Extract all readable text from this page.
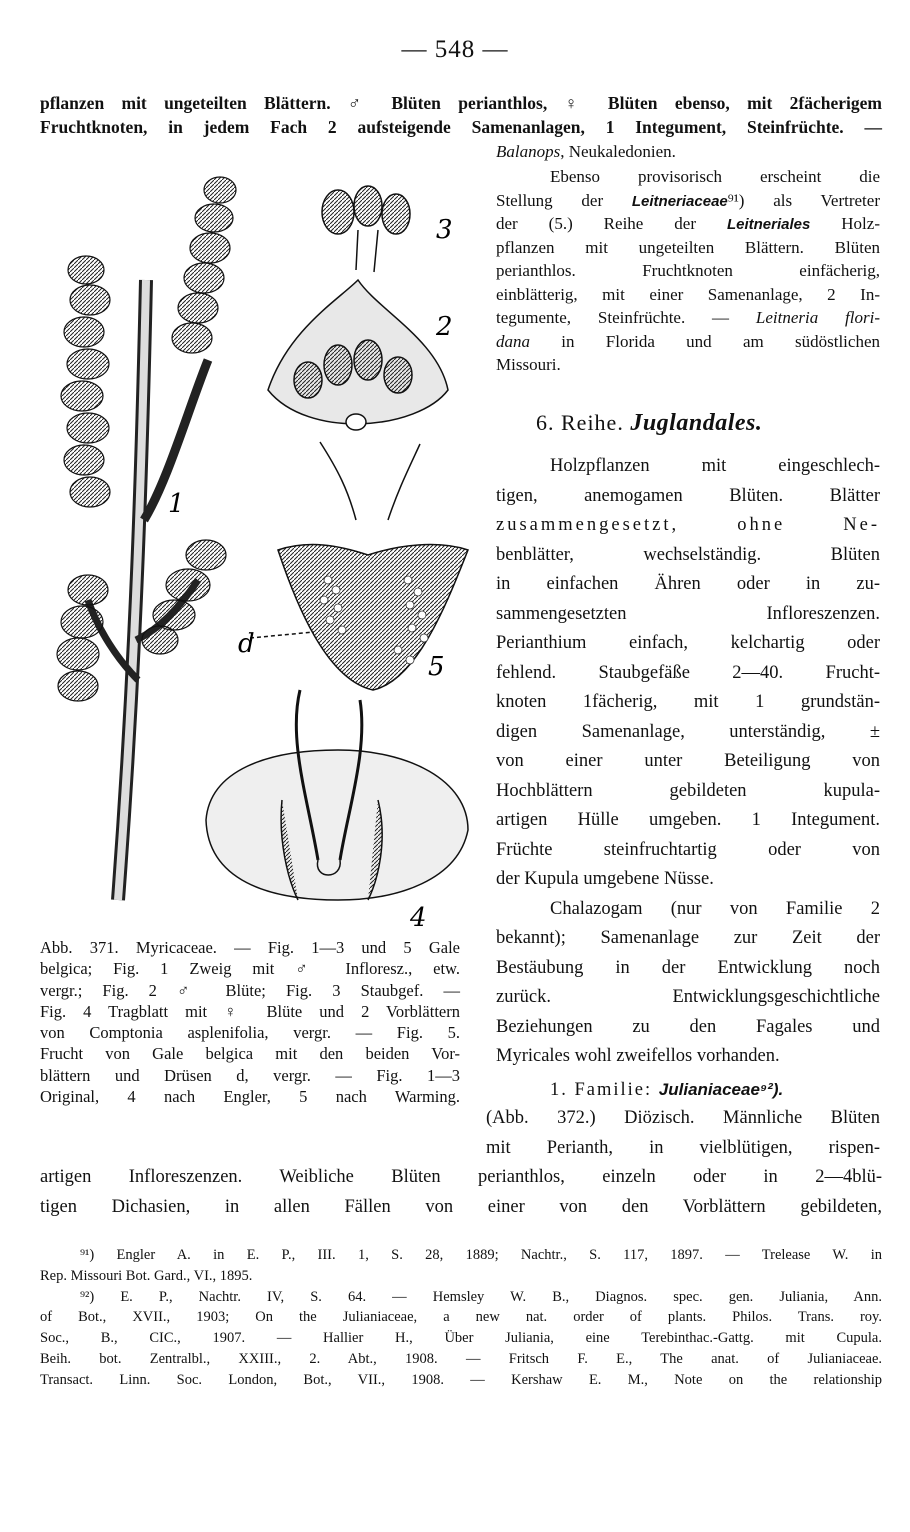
— 548 —
pflanzen mit ungeteilten Blättern. ♂ Blüten perianthlos, ♀ Blüten ebenso, mit 2fächerigem
Fruchtknoten, in jedem Fach 2 aufsteigende Samenanlagen, 1 Integument, Steinfrüchte. —
Balanops, Neukaledonien.
Ebenso provisorisch erscheint die
Stellung der Leitneriaceae⁹¹) als Vertreter
der (5.) Reihe der Leitneriales Holz-
pflanzen mit ungeteilten Blättern. Blüten
perianthlos. Fruchtknoten einfächerig,
einblätterig, mit einer Samenanlage, 2 In-
tegumente, Steinfrüchte. — Leitneria flori-
dana in Florida und am südöstlichen
Missouri.
6. Reihe. Juglandales.
Holzpflanzen mit eingeschlech-
tigen, anemogamen Blüten. Blätter
zusammengesetzt, ohne Ne-
benblätter, wechselständig. Blüten
in einfachen Ähren oder in zu-
sammengesetzten Infloreszenzen.
Perianthium einfach, kelchartig oder
fehlend. Staubgefäße 2—40. Frucht-
knoten 1fächerig, mit 1 grundstän-
digen Samenanlage, unterständig, ±
von einer unter Beteiligung von
Hochblättern gebildeten kupula-
artigen Hülle umgeben. 1 Integument.
Früchte steinfruchtartig oder von
der Kupula umgebene Nüsse.
Chalazogam (nur von Familie 2
bekannt); Samenanlage zur Zeit der
Bestäubung in der Entwicklung noch
zurück. Entwicklungsgeschichtliche
Beziehungen zu den Fagales und
Myricales wohl zweifellos vorhanden.
1. Familie: Julianiaceae⁹²).
(Abb. 372.) Diözisch. Männliche Blüten
mit Perianth, in vielblütigen, rispen-
artigen Infloreszenzen. Weibliche Blüten perianthlos, einzeln oder in 2—4blü-
tigen Dichasien, in allen Fällen von einer von den Vorblättern gebildeten,
Abb. 371. Myricaceae. — Fig. 1—3 und 5 Gale
belgica; Fig. 1 Zweig mit ♂ Infloresz., etw.
vergr.; Fig. 2 ♂ Blüte; Fig. 3 Staubgef. —
Fig. 4 Tragblatt mit ♀ Blüte und 2 Vorblättern
von Comptonia asplenifolia, vergr. — Fig. 5.
Frucht von Gale belgica mit den beiden Vor-
blättern und Drüsen d, vergr. — Fig. 1—3
Original, 4 nach Engler, 5 nach Warming.
⁹¹) Engler A. in E. P., III. 1, S. 28, 1889; Nachtr., S. 117, 1897. — Trelease W. in
Rep. Missouri Bot. Gard., VI., 1895.
⁹²) E. P., Nachtr. IV, S. 64. — Hemsley W. B., Diagnos. spec. gen. Juliania, Ann.
of Bot., XVII., 1903; On the Julianiaceae, a new nat. order of plants. Philos. Trans. roy.
Soc., B., CIC., 1907. — Hallier H., Über Juliania, eine Terebinthac.-Gattg. mit Cupula.
Beih. bot. Zentralbl., XXIII., 2. Abt., 1908. — Fritsch F. E., The anat. of Julianiaceae.
Transact. Linn. Soc. London, Bot., VII., 1908. — Kershaw E. M., Note on the relationship
3
2
1
d
5
4
